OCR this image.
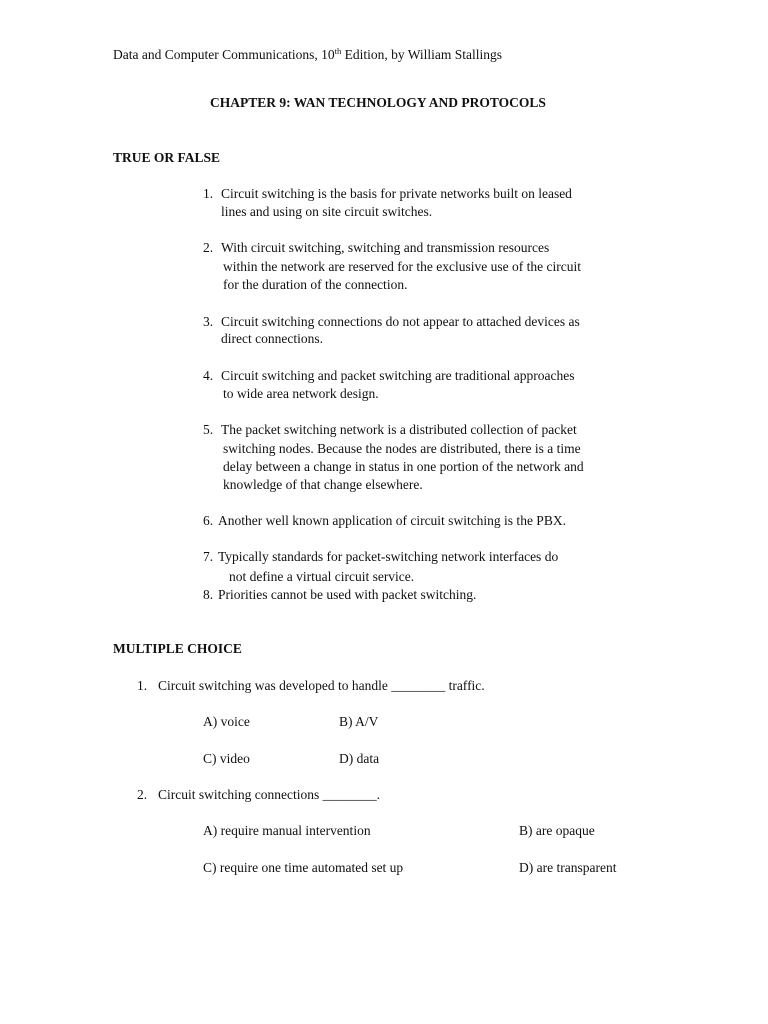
Data and Computer Communications, 10th Edition, by William Stallings
CHAPTER 9: WAN TECHNOLOGY AND PROTOCOLS
TRUE OR FALSE
1. Circuit switching is the basis for private networks built on leased
lines and using on site circuit switches.
2. With circuit switching, switching and transmission resources
within the network are reserved for the exclusive use of the circuit
for the duration of the connection.
3. Circuit switching connections do not appear to attached devices as
direct connections.
4. Circuit switching and packet switching are traditional approaches
to wide area network design.
5. The packet switching network is a distributed collection of packet
switching nodes. Because the nodes are distributed, there is a time
delay between a change in status in one portion of the network and
knowledge of that change elsewhere.
6. Another well known application of circuit switching is the PBX.
7. Typically standards for packet-switching network interfaces do
not define a virtual circuit service.
8. Priorities cannot be used with packet switching.
MULTIPLE CHOICE
1. Circuit switching was developed to handle ________ traffic.
A) voice	B) A/V
C) video	D) data
2. Circuit switching connections ________.
A) require manual intervention	B) are opaque
C) require one time automated set up	D) are transparent
